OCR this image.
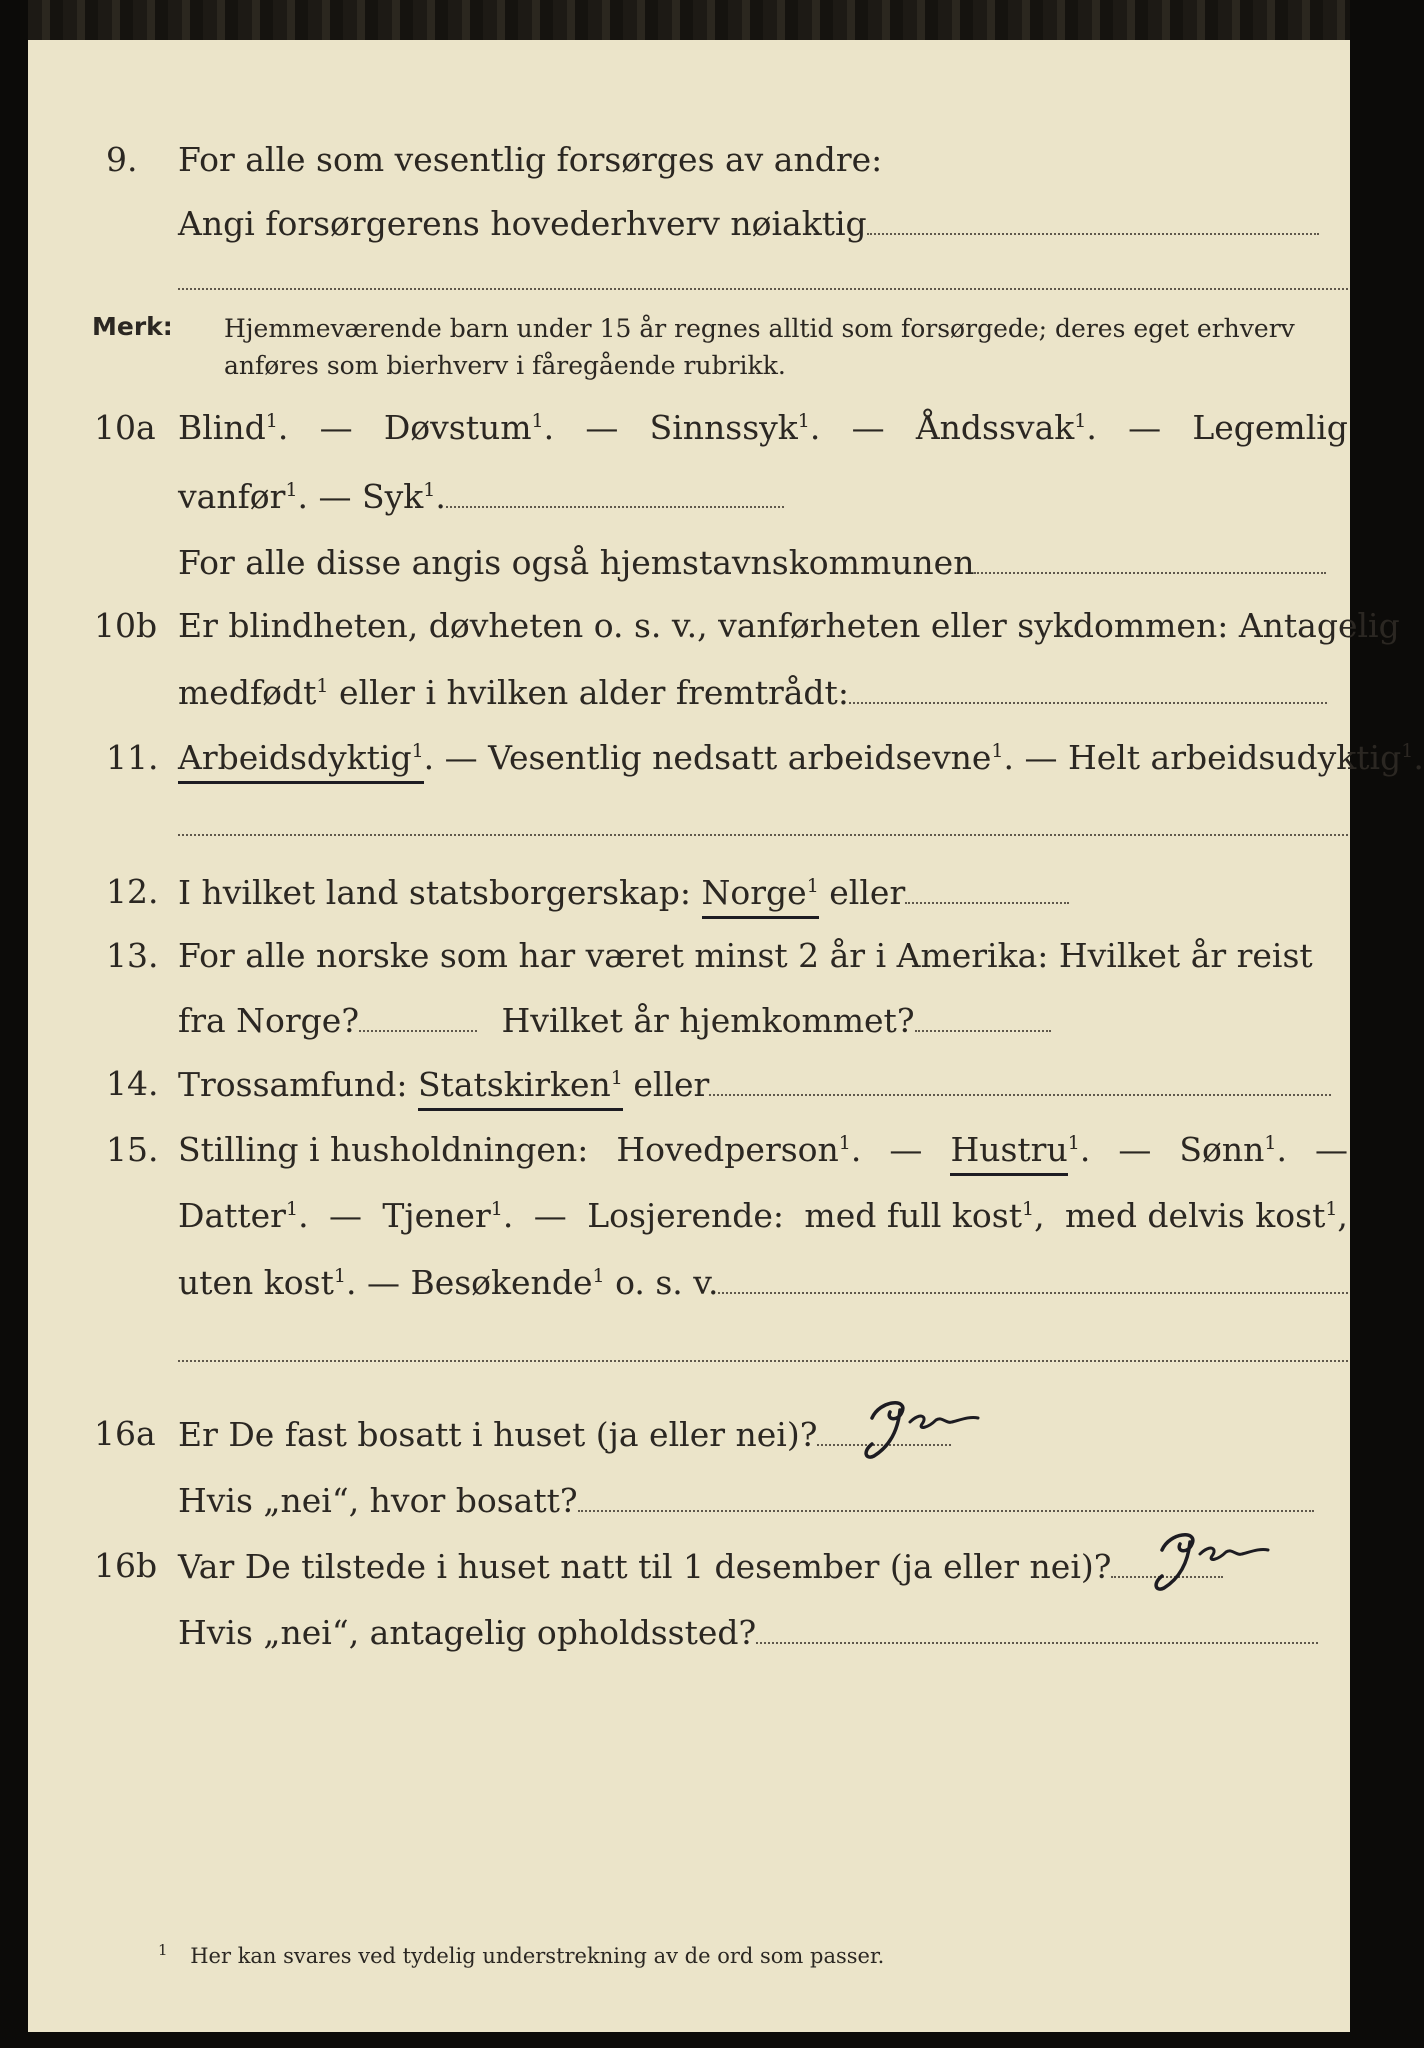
9. For alle som vesentlig forsørges av andre:
Angi forsørgerens hovederhverv nøiaktig
Merk: Hjemmeværende barn under 15 år regnes alltid som forsørgede; deres eget erhverv
anføres som bierhverv i fåregående rubrikk.
10a Blind$^1$. — Døvstum$^1$. — Sinnssyk$^1$. — Åndssvak$^1$. — Legemlig
vanfør$^1$. — Syk$^1$.
For alle disse angis også hjemstavnskommunen
10b Er blindheten, døvheten o. s. v., vanførheten eller sykdommen: Antagelig
medfødt$^1$ eller i hvilken alder fremtrådt:
11. Arbeidsdyktig$^1$. — Vesentlig nedsatt arbeidsevne$^1$. — Helt arbeidsudyktig$^1$.
12. I hvilket land statsborgerskap: Norge$^1$ eller
13. For alle norske som har været minst 2 år i Amerika: Hvilket år reist
fra Norge?	Hvilket år hjemkommet?
14. Trossamfund: Statskirken$^1$ eller
15. Stilling i husholdningen: Hovedperson$^1$. — Hustru$^1$. — Sønn$^1$. —
Datter$^1$. — Tjener$^1$. — Losjerende: med full kost$^1$, med delvis kost$^1$,
uten kost$^1$. — Besøkende$^1$ o. s. v.
16a Er De fast bosatt i huset (ja eller nei)?
Hvis „nei“, hvor bosatt?
16b Var De tilstede i huset natt til 1 desember (ja eller nei)?
Hvis „nei“, antagelig opholdssted?
$^1$ Her kan svares ved tydelig understrekning av de ord som passer.
